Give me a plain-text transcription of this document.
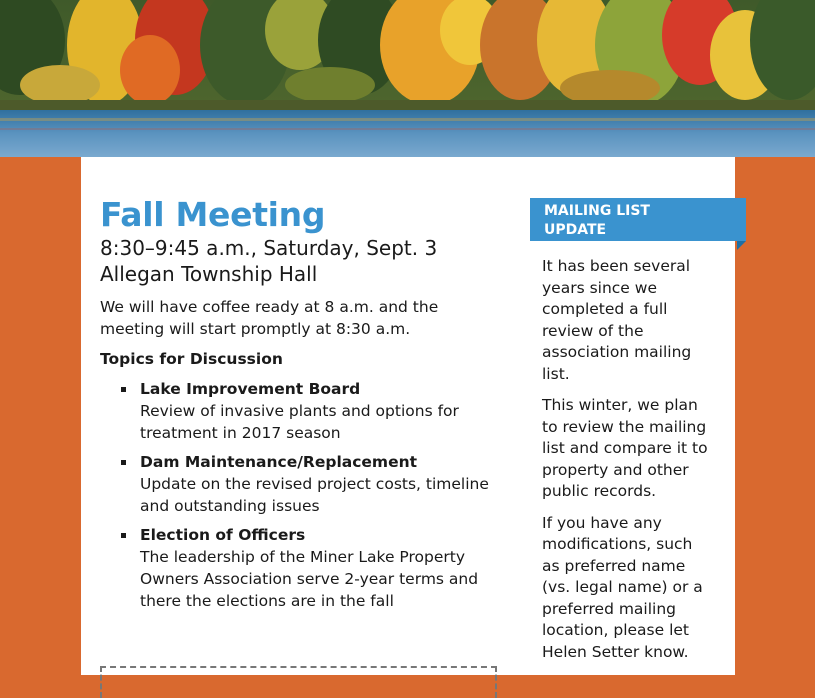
Fall Meeting

8:30–9:45 a.m., Saturday, Sept. 3

Allegan Township Hall

We will have coffee ready at 8 a.m. and the meeting will start promptly at 8:30 a.m.

Topics for Discussion

Lake Improvement Board
Review of invasive plants and options for treatment in 2017 season
Dam Maintenance/Replacement
Update on the revised project costs, timeline and outstanding issues
Election of Officers
The leadership of the Miner Lake Property Owners Association serve 2-year terms and there the elections are in the fall
MAILING LIST UPDATE

It has been several years since we completed a full review of the association mailing list.

This winter, we plan to review the mailing list and compare it to property and other public records.

If you have any modifications, such as preferred name (vs. legal name) or a preferred mailing location, please let Helen Setter know.
